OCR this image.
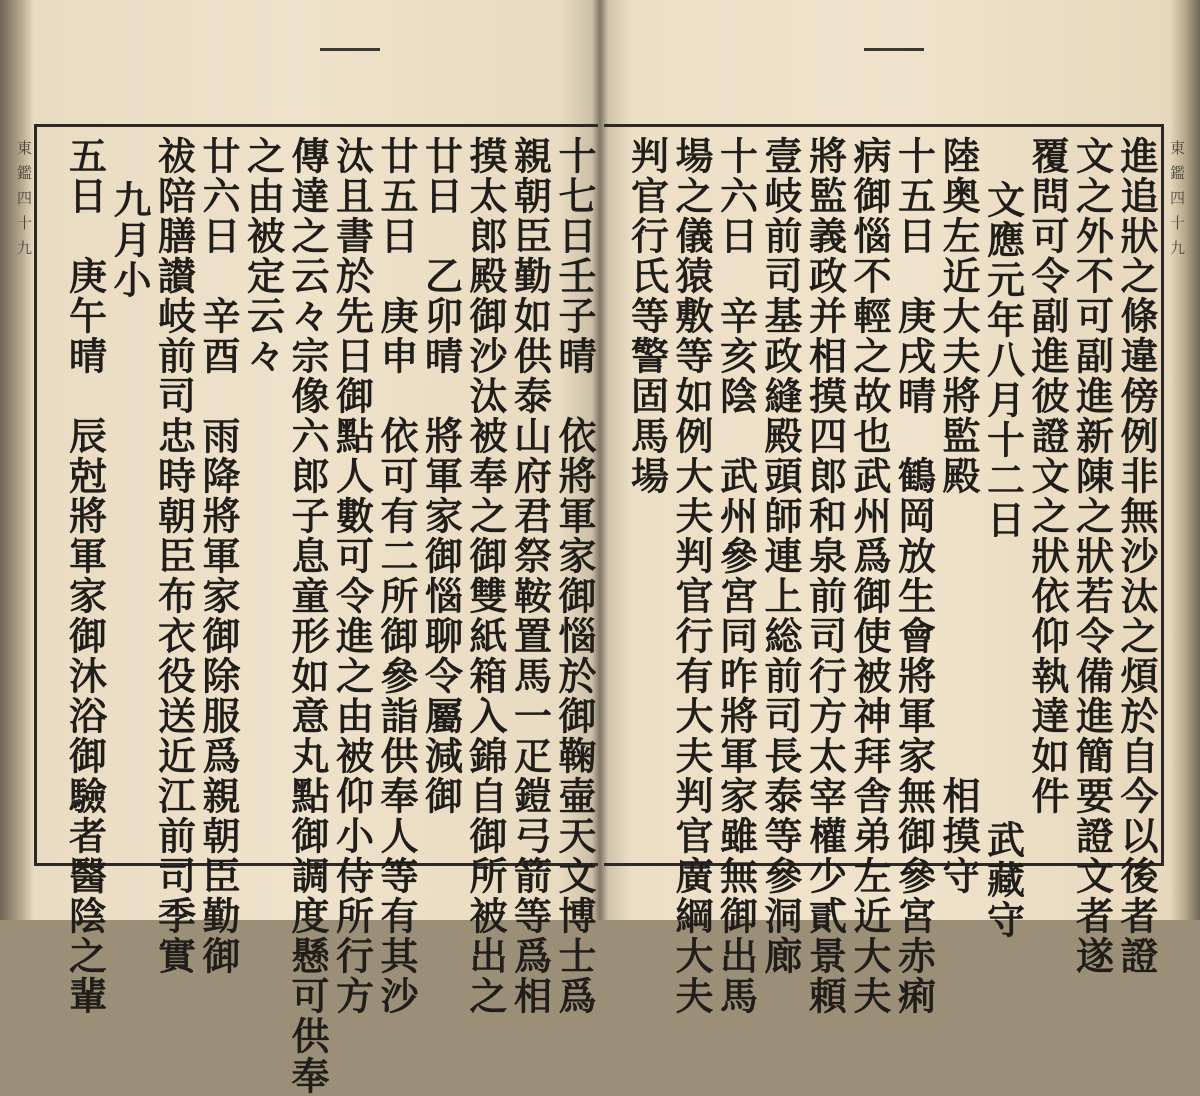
東鑑四十九	十七日壬子晴　依將軍家御惱於御鞠壷天文博士爲
親朝臣勤如供泰山府君祭鞍置馬一疋鎧弓箭等爲相
摸太郎殿御沙汰被奉之御雙紙箱入錦自御所被出之
廿日　乙卯晴　將軍家御惱聊令屬減御
廿五日　庚申　依可有二所御參詣供奉人等有其沙
汰且書於先日御點人數可令進之由被仰小侍所行方
傳達之云々宗像六郎子息童形如意丸點御調度懸可供奉
之由被定云々
廿六日　辛酉　雨降將軍家御除服爲親朝臣勤御
祓陪膳讃岐前司忠時朝臣布衣役送近江前司季實
九月小
五日　庚午晴　辰尅將軍家御沐浴御驗者醫陰之輩	東鑑四十九
進追狀之條違傍例非無沙汰之煩於自今以後者證
文之外不可副進新陳之狀若令備進簡要證文者遂
覆問可令副進彼證文之狀依仰執達如件
文應元年八月十二日　　　　　　　武藏守
陸奥左近大夫將監殿　　　　　　　相摸守
十五日　庚戌晴　鶴岡放生會將軍家無御參宮赤痢
病御惱不輕之故也武州爲御使被神拜舎弟左近大夫
將監義政并相摸四郎和泉前司行方太宰權少貳景頼
壹岐前司基政縫殿頭師連上総前司長泰等參洞廊
十六日　辛亥陰　武州參宮同昨將軍家雖無御出馬
場之儀猿敷等如例大夫判官行有大夫判官廣綱大夫
判官行氏等警固馬場
